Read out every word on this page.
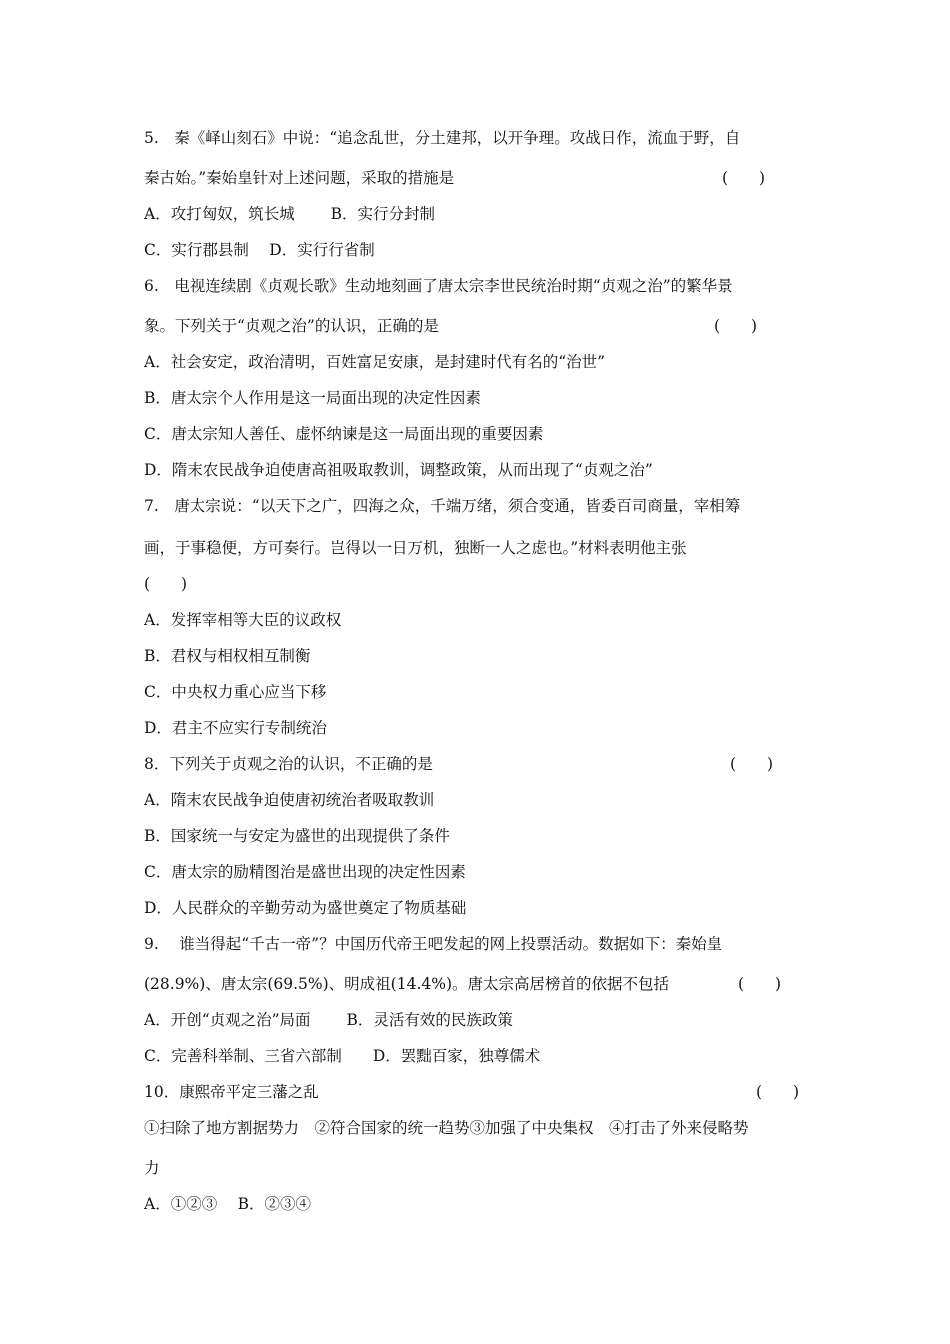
5.　秦《峄山刻石》中说：“追念乱世，分土建邦，以开争理。攻战日作，流血于野，自
秦古始。”秦始皇针对上述问题，采取的措施是	(　　)
A．攻打匈奴，筑长城　　 B．实行分封制
C．实行郡县制　 D．实行行省制
6.　电视连续剧《贞观长歌》生动地刻画了唐太宗李世民统治时期“贞观之治”的繁华景
象。下列关于“贞观之治”的认识，正确的是	(　　)
A．社会安定，政治清明，百姓富足安康，是封建时代有名的“治世”
B．唐太宗个人作用是这一局面出现的决定性因素
C．唐太宗知人善任、虚怀纳谏是这一局面出现的重要因素
D．隋末农民战争迫使唐高祖吸取教训，调整政策，从而出现了“贞观之治”
7.　唐太宗说：“以天下之广，四海之众，千端万绪，须合变通，皆委百司商量，宰相筹
画，于事稳便，方可奏行。岂得以一日万机，独断一人之虑也。”材料表明他主张
(　　)
A．发挥宰相等大臣的议政权
B．君权与相权相互制衡
C．中央权力重心应当下移
D．君主不应实行专制统治
8．下列关于贞观之治的认识，不正确的是	(　　)
A．隋末农民战争迫使唐初统治者吸取教训
B．国家统一与安定为盛世的出现提供了条件
C．唐太宗的励精图治是盛世出现的决定性因素
D．人民群众的辛勤劳动为盛世奠定了物质基础
9.　 谁当得起“千古一帝”？中国历代帝王吧发起的网上投票活动。数据如下：秦始皇
(28.9%)、唐太宗(69.5%)、明成祖(14.4%)。唐太宗高居榜首的依据不包括	(　　)
A．开创“贞观之治”局面　　 B．灵活有效的民族政策
C．完善科举制、三省六部制　　D．罢黜百家，独尊儒术
10．康熙帝平定三藩之乱	(　　)
①扫除了地方割据势力　②符合国家的统一趋势③加强了中央集权　④打击了外来侵略势
力
A．①②③　 B．②③④
